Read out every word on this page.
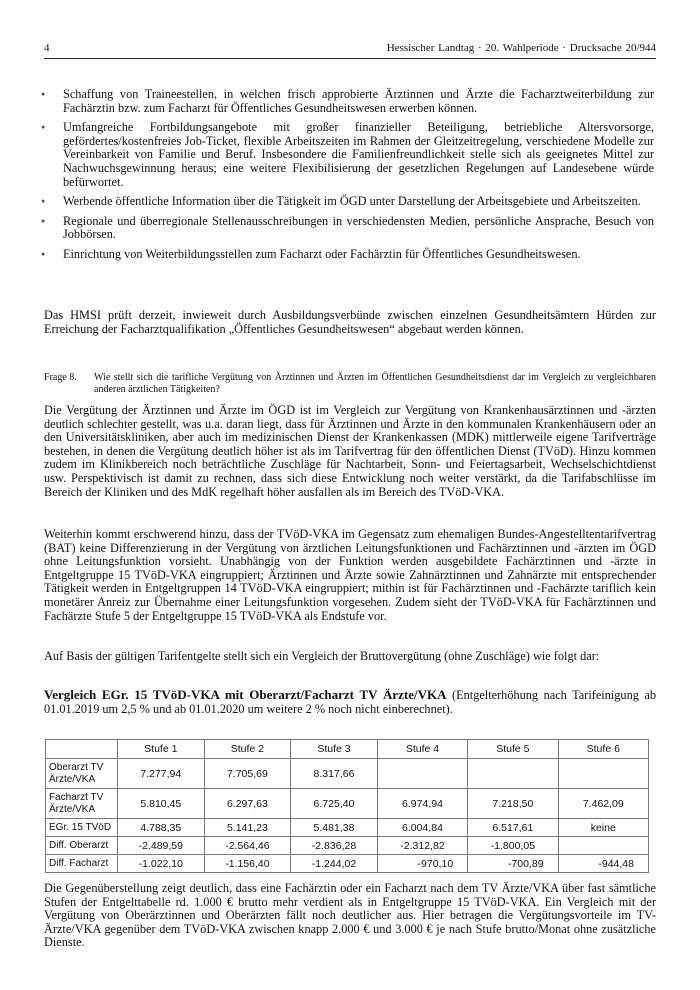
4	Hessischer Landtag · 20. Wahlperiode · Drucksache 20/944
● Schaffung von Traineestellen, in welchen frisch approbierte Ärztinnen und Ärzte die Facharztweiterbildung zur Fachärztin bzw. zum Facharzt für Öffentliches Gesundheitswesen erwerben können.
● Umfangreiche Fortbildungsangebote mit großer finanzieller Beteiligung, betriebliche Altersvorsorge, gefördertes/kostenfreies Job-Ticket, flexible Arbeitszeiten im Rahmen der Gleitzeitregelung, verschiedene Modelle zur Vereinbarkeit von Familie und Beruf. Insbesondere die Familienfreundlichkeit stelle sich als geeignetes Mittel zur Nachwuchsgewinnung heraus; eine weitere Flexibilisierung der gesetzlichen Regelungen auf Landesebene würde befürwortet.
● Werbende öffentliche Information über die Tätigkeit im ÖGD unter Darstellung der Arbeitsgebiete und Arbeitszeiten.
● Regionale und überregionale Stellenausschreibungen in verschiedensten Medien, persönliche Ansprache, Besuch von Jobbörsen.
● Einrichtung von Weiterbildungsstellen zum Facharzt oder Fachärztin für Öffentliches Gesundheitswesen.

Das HMSI prüft derzeit, inwieweit durch Ausbildungsverbünde zwischen einzelnen Gesundheitsämtern Hürden zur Erreichung der Facharztqualifikation „Öffentliches Gesundheitswesen“ abgebaut werden können.

Frage 8. Wie stellt sich die tarifliche Vergütung von Ärztinnen und Ärzten im Öffentlichen Gesundheitsdienst dar im Vergleich zu vergleichbaren anderen ärztlichen Tätigkeiten?

Die Vergütung der Ärztinnen und Ärzte im ÖGD ist im Vergleich zur Vergütung von Krankenhausärztinnen und -ärzten deutlich schlechter gestellt, was u.a. daran liegt, dass für Ärztinnen und Ärzte in den kommunalen Krankenhäusern oder an den Universitätskliniken, aber auch im medizinischen Dienst der Krankenkassen (MDK) mittlerweile eigene Tarifverträge bestehen, in denen die Vergütung deutlich höher ist als im Tarifvertrag für den öffentlichen Dienst (TVöD). Hinzu kommen zudem im Klinikbereich noch beträchtliche Zuschläge für Nachtarbeit, Sonn- und Feiertagsarbeit, Wechselschichtdienst usw. Perspektivisch ist damit zu rechnen, dass sich diese Entwicklung noch weiter verstärkt, da die Tarifabschlüsse im Bereich der Kliniken und des MdK regelhaft höher ausfallen als im Bereich des TVöD-VKA.

Weiterhin kommt erschwerend hinzu, dass der TVöD-VKA im Gegensatz zum ehemaligen Bundes-Angestelltentarifvertrag (BAT) keine Differenzierung in der Vergütung von ärztlichen Leitungsfunktionen und Fachärztinnen und -ärzten im ÖGD ohne Leitungsfunktion vorsieht. Unabhängig von der Funktion werden ausgebildete Fachärztinnen und -ärzte in Entgeltgruppe 15 TVöD-VKA eingruppiert; Ärztinnen und Ärzte sowie Zahnärztinnen und Zahnärzte mit entsprechender Tätigkeit werden in Entgeltgruppen 14 TVöD-VKA eingruppiert; mithin ist für Fachärztinnen und -Fachärzte tariflich kein monetärer Anreiz zur Übernahme einer Leitungsfunktion vorgesehen. Zudem sieht der TVöD-VKA für Fachärztinnen und Fachärzte Stufe 5 der Entgeltgruppe 15 TVöD-VKA als Endstufe vor.

Auf Basis der gültigen Tarifentgelte stellt sich ein Vergleich der Bruttovergütung (ohne Zuschläge) wie folgt dar:

Vergleich EGr. 15 TVöD-VKA mit Oberarzt/Facharzt TV Ärzte/VKA (Entgelterhöhung nach Tarifeinigung ab 01.01.2019 um 2,5 % und ab 01.01.2020 um weitere 2 % noch nicht einberechnet).
	Stufe 1	Stufe 2	Stufe 3	Stufe 4	Stufe 5	Stufe 6
Oberarzt TV Ärzte/VKA	7.277,94	7.705,69	8.317,66			
Facharzt TV Ärzte/VKA	5.810,45	6.297,63	6.725,40	6.974,94	7.218,50	7.462,09
EGr. 15 TVöD	4.788,35	5.141,23	5.481,38	6.004,84	6.517,61	keine
Diff. Oberarzt	-2.489,59	-2.564,46	-2.836,28	-2.312,82	-1.800,05	
Diff. Facharzt	-1.022,10	-1.156,40	-1.244,02	-970,10	-700,89	-944,48

Die Gegenüberstellung zeigt deutlich, dass eine Fachärztin oder ein Facharzt nach dem TV Ärzte/VKA über fast sämtliche Stufen der Entgelttabelle rd. 1.000 € brutto mehr verdient als in Entgeltgruppe 15 TVöD-VKA. Ein Vergleich mit der Vergütung von Oberärztinnen und Oberärzten fällt noch deutlicher aus. Hier betragen die Vergütungsvorteile im TV-Ärzte/VKA gegenüber dem TVöD-VKA zwischen knapp 2.000 € und 3.000 € je nach Stufe brutto/Monat ohne zusätzliche Dienste.
